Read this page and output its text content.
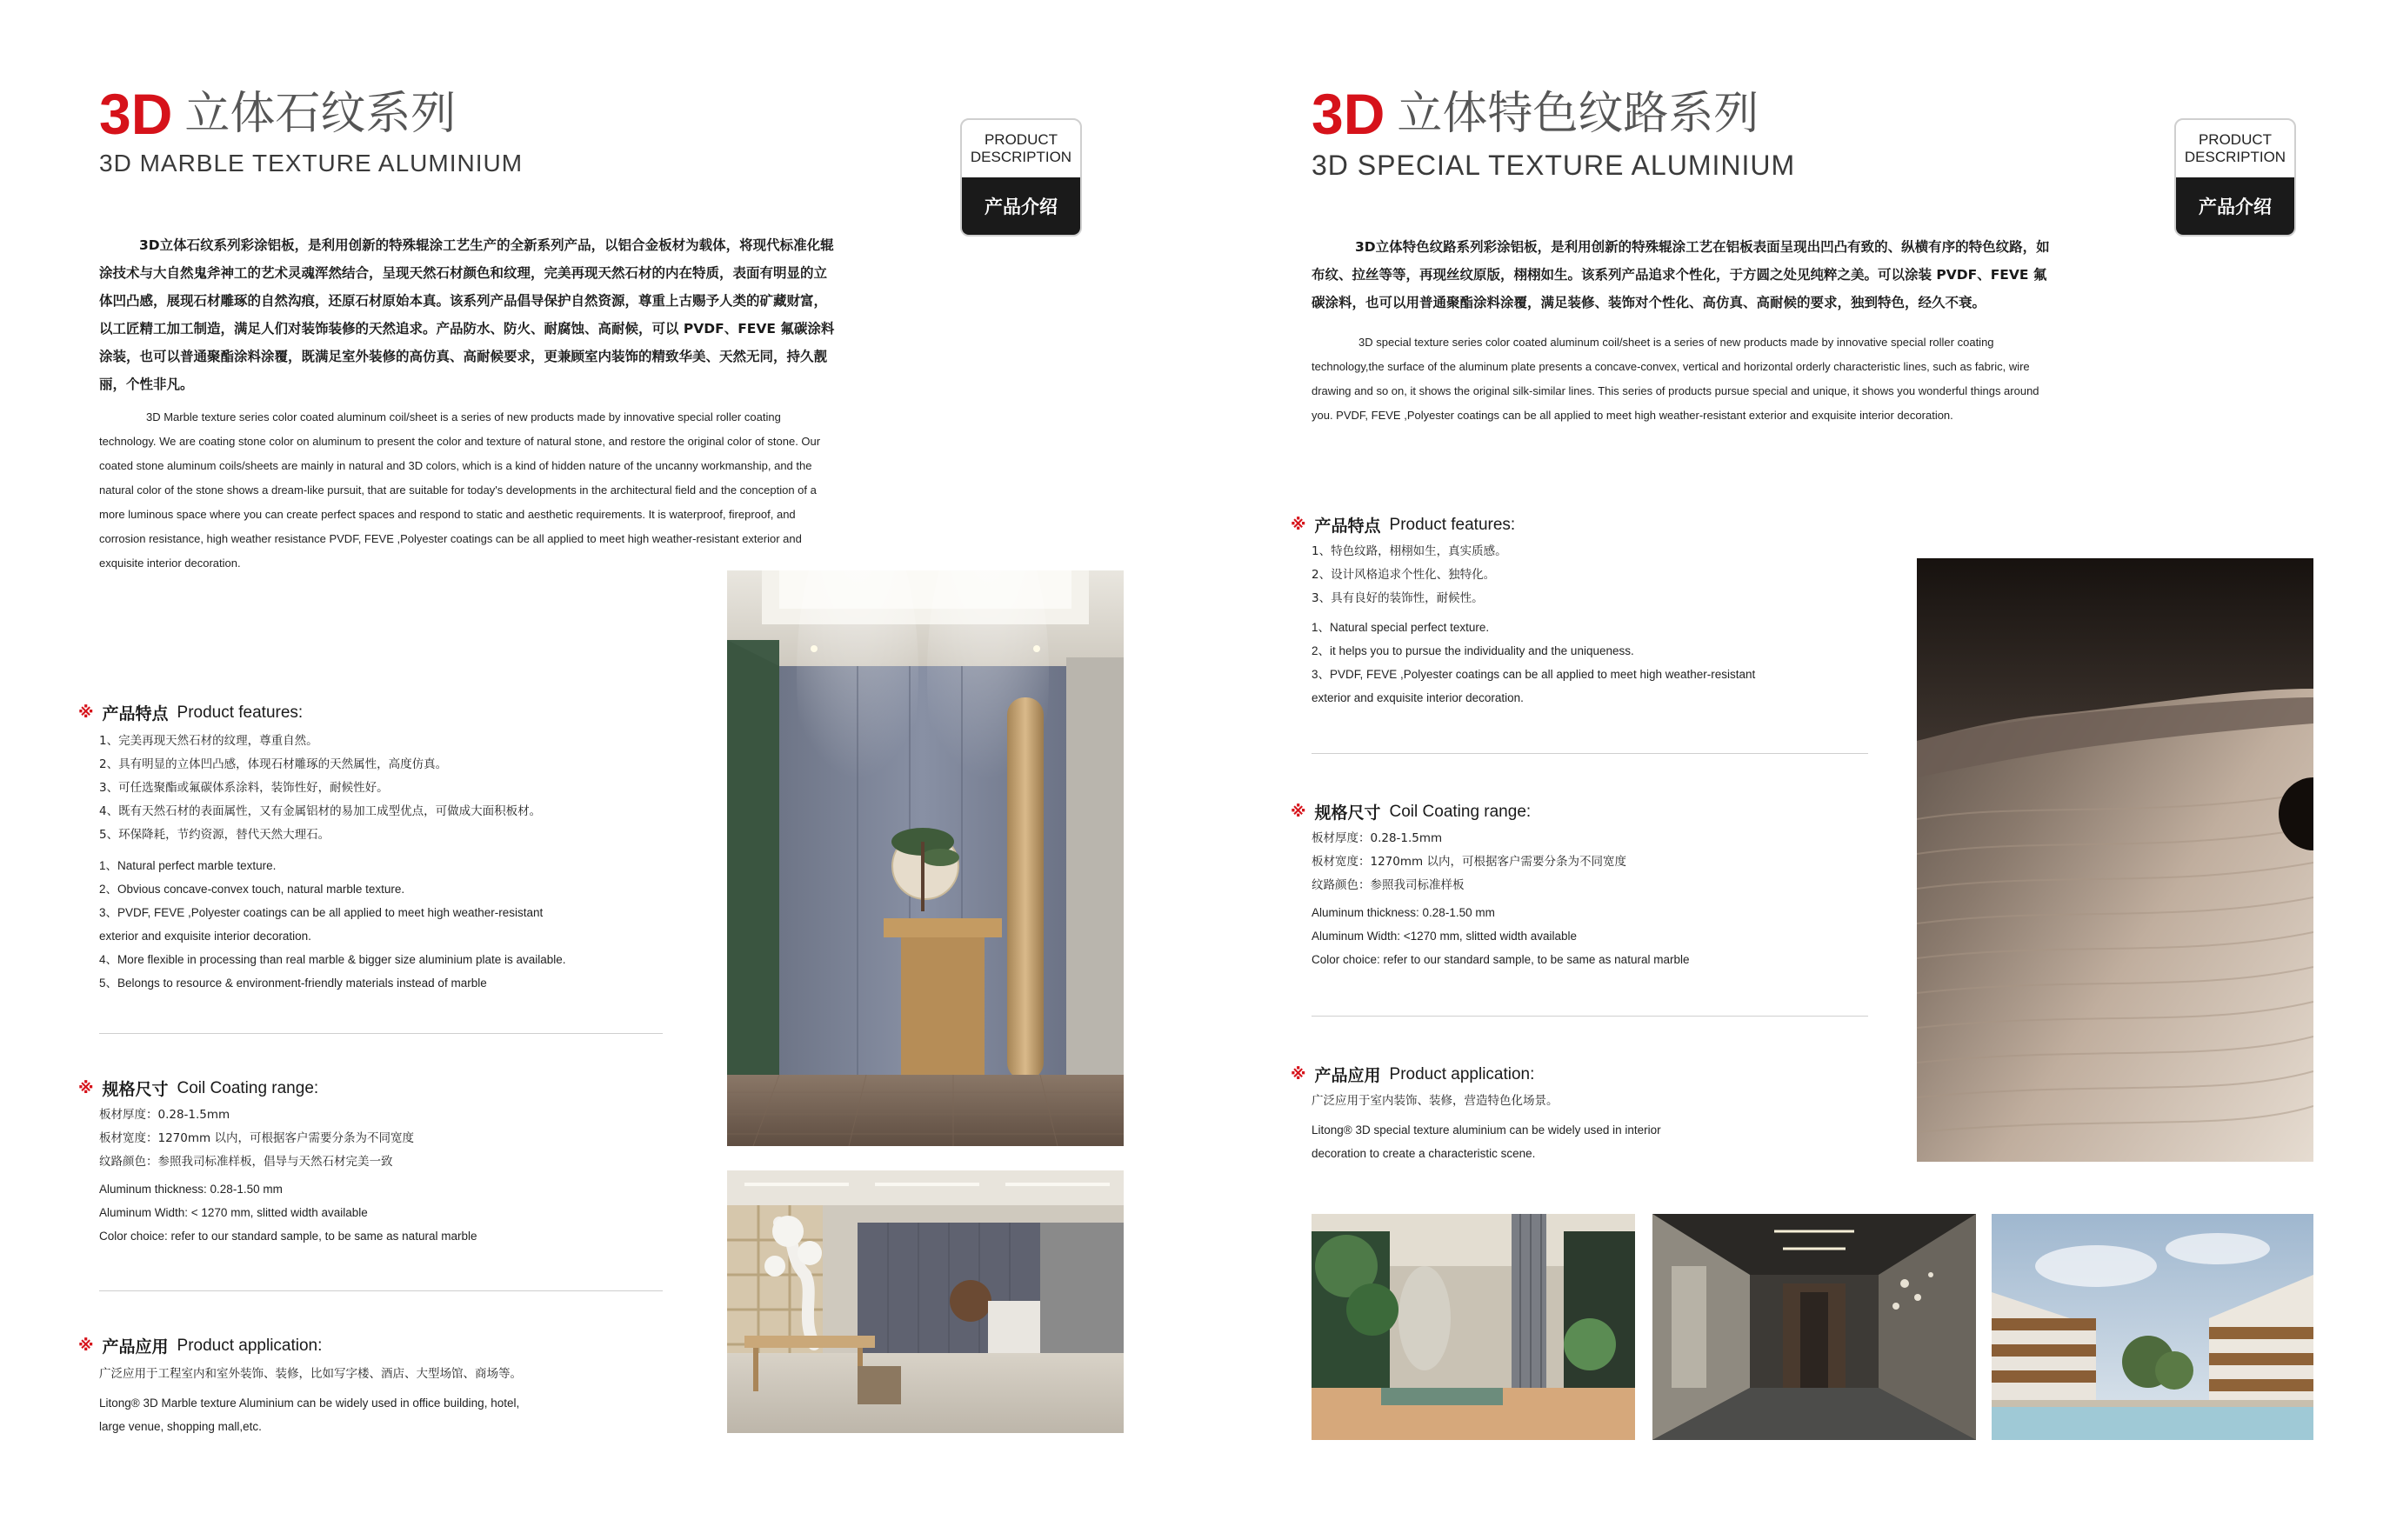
3D 立体石纹系列
3D MARBLE TEXTURE ALUMINIUM
PRODUCT
DESCRIPTION
产品介绍
3D立体石纹系列彩涂铝板，是利用创新的特殊辊涂工艺生产的全新系列产品，以铝合金板材为载体，将现代标准化辊涂技术与大自然鬼斧神工的艺术灵魂浑然结合，呈现天然石材颜色和纹理，完美再现天然石材的内在特质，表面有明显的立体凹凸感，展现石材雕琢的自然沟痕，还原石材原始本真。该系列产品倡导保护自然资源，尊重上古赐予人类的矿藏财富，以工匠精工加工制造，满足人们对装饰装修的天然追求。产品防水、防火、耐腐蚀、高耐候，可以 PVDF、FEVE 氟碳涂料涂装，也可以普通聚酯涂料涂覆，既满足室外装修的高仿真、高耐候要求，更兼顾室内装饰的精致华美、天然无同，持久靓丽，个性非凡。
3D Marble texture series color coated aluminum coil/sheet is a series of new products made by innovative special roller coating technology. We are coating stone color on aluminum to present the color and texture of natural stone, and restore the original color of stone. Our coated stone aluminum coils/sheets are mainly in natural and 3D colors, which is a kind of hidden nature of the uncanny workmanship, and the natural color of the stone shows a dream-like pursuit, that are suitable for today's developments in the architectural field and the conception of a more luminous space where you can create perfect spaces and respond to static and aesthetic requirements. It is waterproof, fireproof, and corrosion resistance, high weather resistance PVDF, FEVE ,Polyester coatings can be all applied to meet high weather-resistant exterior and exquisite interior decoration.
※ 产品特点 Product features:
1、完美再现天然石材的纹理，尊重自然。
2、具有明显的立体凹凸感，体现石材雕琢的天然属性，高度仿真。
3、可任选聚酯或氟碳体系涂料，装饰性好，耐候性好。
4、既有天然石材的表面属性，又有金属铝材的易加工成型优点，可做成大面积板材。
5、环保降耗，节约资源，替代天然大理石。
1、Natural perfect marble texture.
2、Obvious concave-convex touch, natural marble texture.
3、PVDF, FEVE ,Polyester coatings can be all applied to meet high weather-resistant
exterior and exquisite interior decoration.
4、More flexible in processing than real marble & bigger size aluminium plate is available.
5、Belongs to resource & environment-friendly materials instead of marble
※ 规格尺寸 Coil Coating range:
板材厚度：0.28-1.5mm
板材宽度：1270mm 以内，可根据客户需要分条为不同宽度
纹路颜色：参照我司标准样板，倡导与天然石材完美一致
Aluminum thickness: 0.28-1.50 mm
Aluminum Width: < 1270 mm, slitted width available
Color choice: refer to our standard sample, to be same as natural marble
※ 产品应用 Product application:
广泛应用于工程室内和室外装饰、装修，比如写字楼、酒店、大型场馆、商场等。
Litong® 3D Marble texture Aluminium can be widely used in office building, hotel,
large venue, shopping mall,etc.
3D 立体特色纹路系列
3D SPECIAL TEXTURE ALUMINIUM
PRODUCT
DESCRIPTION
产品介绍
3D立体特色纹路系列彩涂铝板，是利用创新的特殊辊涂工艺在铝板表面呈现出凹凸有致的、纵横有序的特色纹路，如布纹、拉丝等等，再现丝纹原版，栩栩如生。该系列产品追求个性化，于方圆之处见纯粹之美。可以涂装 PVDF、FEVE 氟碳涂料，也可以用普通聚酯涂料涂覆，满足装修、装饰对个性化、高仿真、高耐候的要求，独到特色，经久不衰。
3D special texture series color coated aluminum coil/sheet is a series of new products made by innovative special roller coating technology,the surface of the aluminum plate presents a concave-convex, vertical and horizontal orderly characteristic lines, such as fabric, wire drawing and so on, it shows the original silk-similar lines. This series of products pursue special and unique, it shows you wonderful things around you. PVDF, FEVE ,Polyester coatings can be all applied to meet high weather-resistant exterior and exquisite interior decoration.
※ 产品特点 Product features:
1、特色纹路，栩栩如生，真实质感。
2、设计风格追求个性化、独特化。
3、具有良好的装饰性，耐候性。
1、Natural special perfect texture.
2、it helps you to pursue the individuality and the uniqueness.
3、PVDF, FEVE ,Polyester coatings can be all applied to meet high weather-resistant
exterior and exquisite interior decoration.
※ 规格尺寸 Coil Coating range:
板材厚度：0.28-1.5mm
板材宽度：1270mm 以内，可根据客户需要分条为不同宽度
纹路颜色：参照我司标准样板
Aluminum thickness: 0.28-1.50 mm
Aluminum Width: <1270 mm, slitted width available
Color choice: refer to our standard sample, to be same as natural marble
※ 产品应用 Product application:
广泛应用于室内装饰、装修，营造特色化场景。
Litong® 3D special texture aluminium can be widely used in interior
decoration to create a characteristic scene.
